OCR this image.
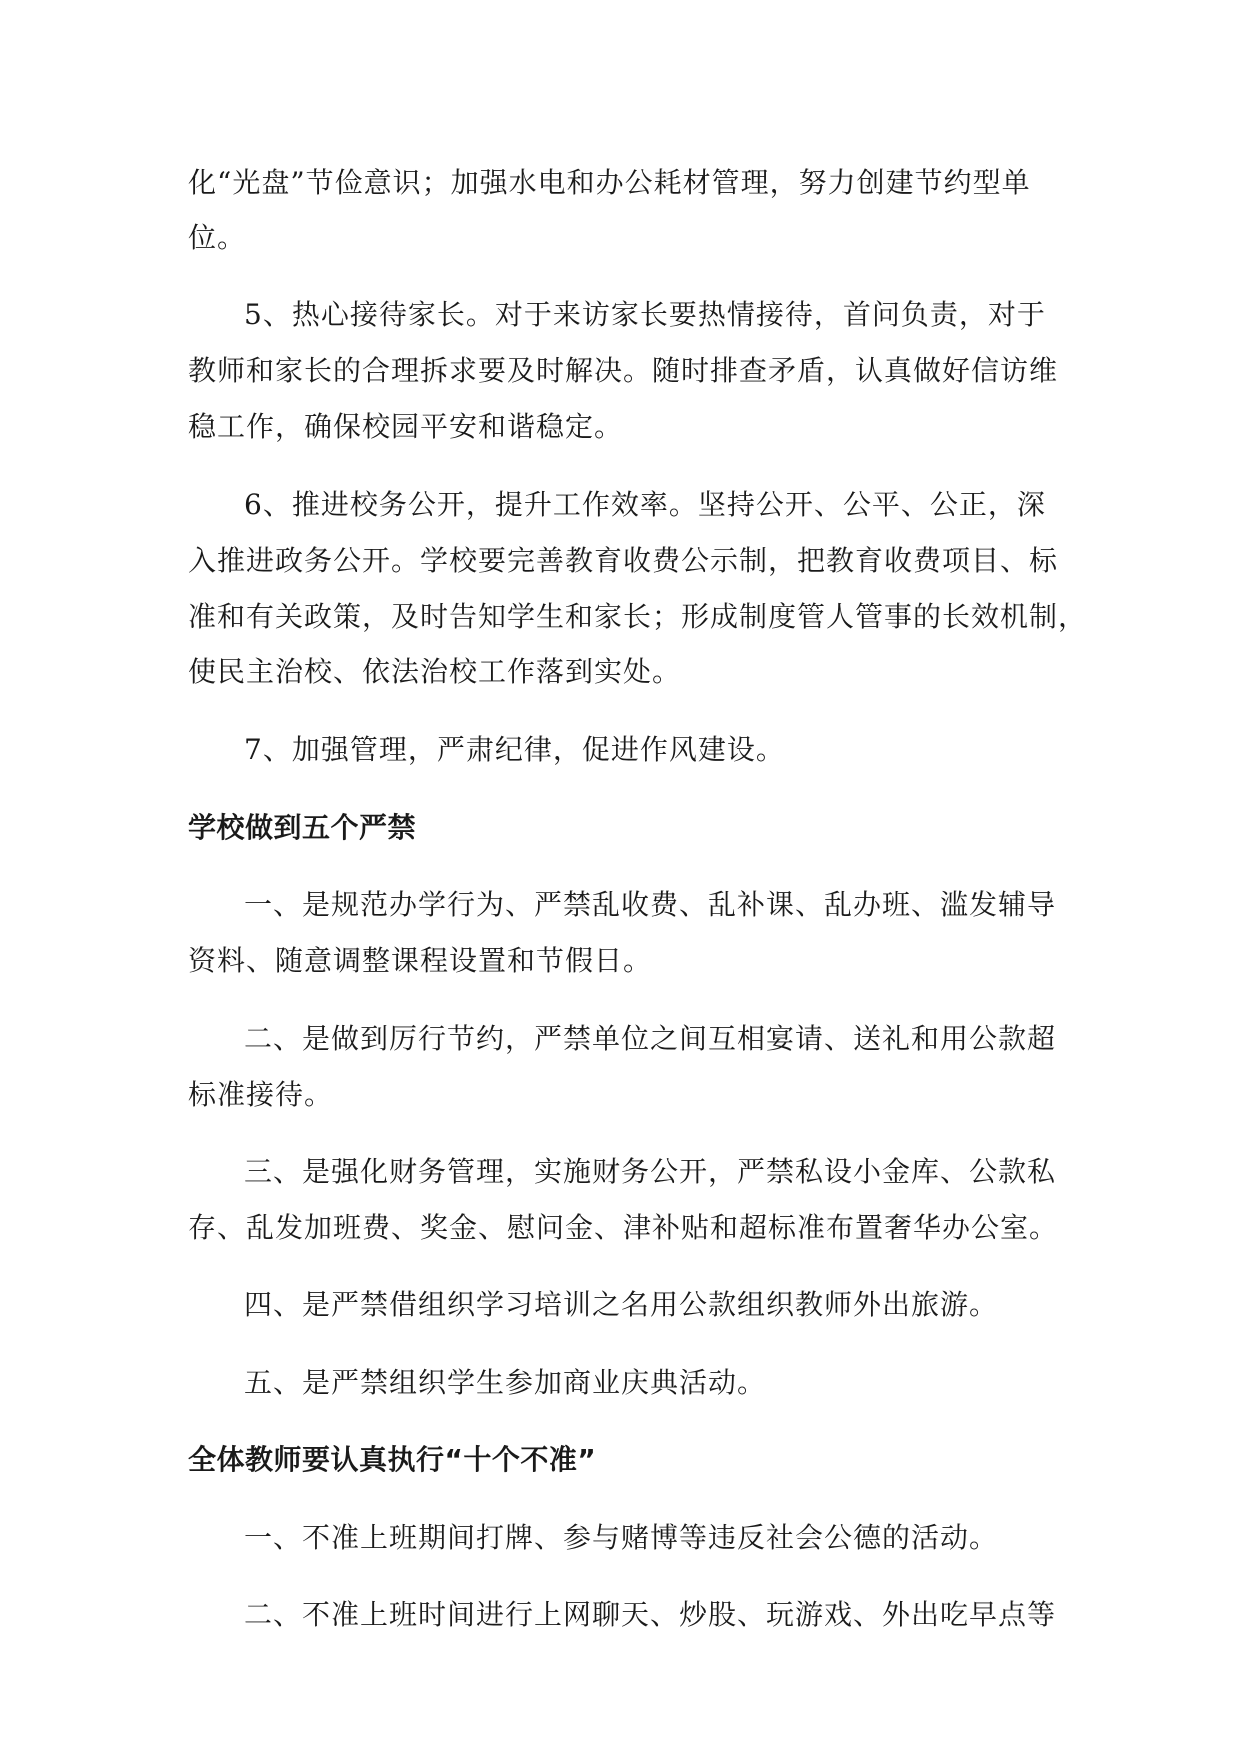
化“光盘”节俭意识；加强水电和办公耗材管理，努力创建节约型单
位。
5、热心接待家长。对于来访家长要热情接待，首问负责，对于
教师和家长的合理拆求要及时解决。随时排查矛盾，认真做好信访维
稳工作，确保校园平安和谐稳定。
6、推进校务公开，提升工作效率。坚持公开、公平、公正，深
入推进政务公开。学校要完善教育收费公示制，把教育收费项目、标
准和有关政策，及时告知学生和家长；形成制度管人管事的长效机制，
使民主治校、依法治校工作落到实处。
7、加强管理，严肃纪律，促进作风建设。
学校做到五个严禁
一、是规范办学行为、严禁乱收费、乱补课、乱办班、滥发辅导
资料、随意调整课程设置和节假日。
二、是做到厉行节约，严禁单位之间互相宴请、送礼和用公款超
标准接待。
三、是强化财务管理，实施财务公开，严禁私设小金库、公款私
存、乱发加班费、奖金、慰问金、津补贴和超标准布置奢华办公室。
四、是严禁借组织学习培训之名用公款组织教师外出旅游。
五、是严禁组织学生参加商业庆典活动。
全体教师要认真执行“十个不准”
一、不准上班期间打牌、参与赌博等违反社会公德的活动。
二、不准上班时间进行上网聊天、炒股、玩游戏、外出吃早点等
